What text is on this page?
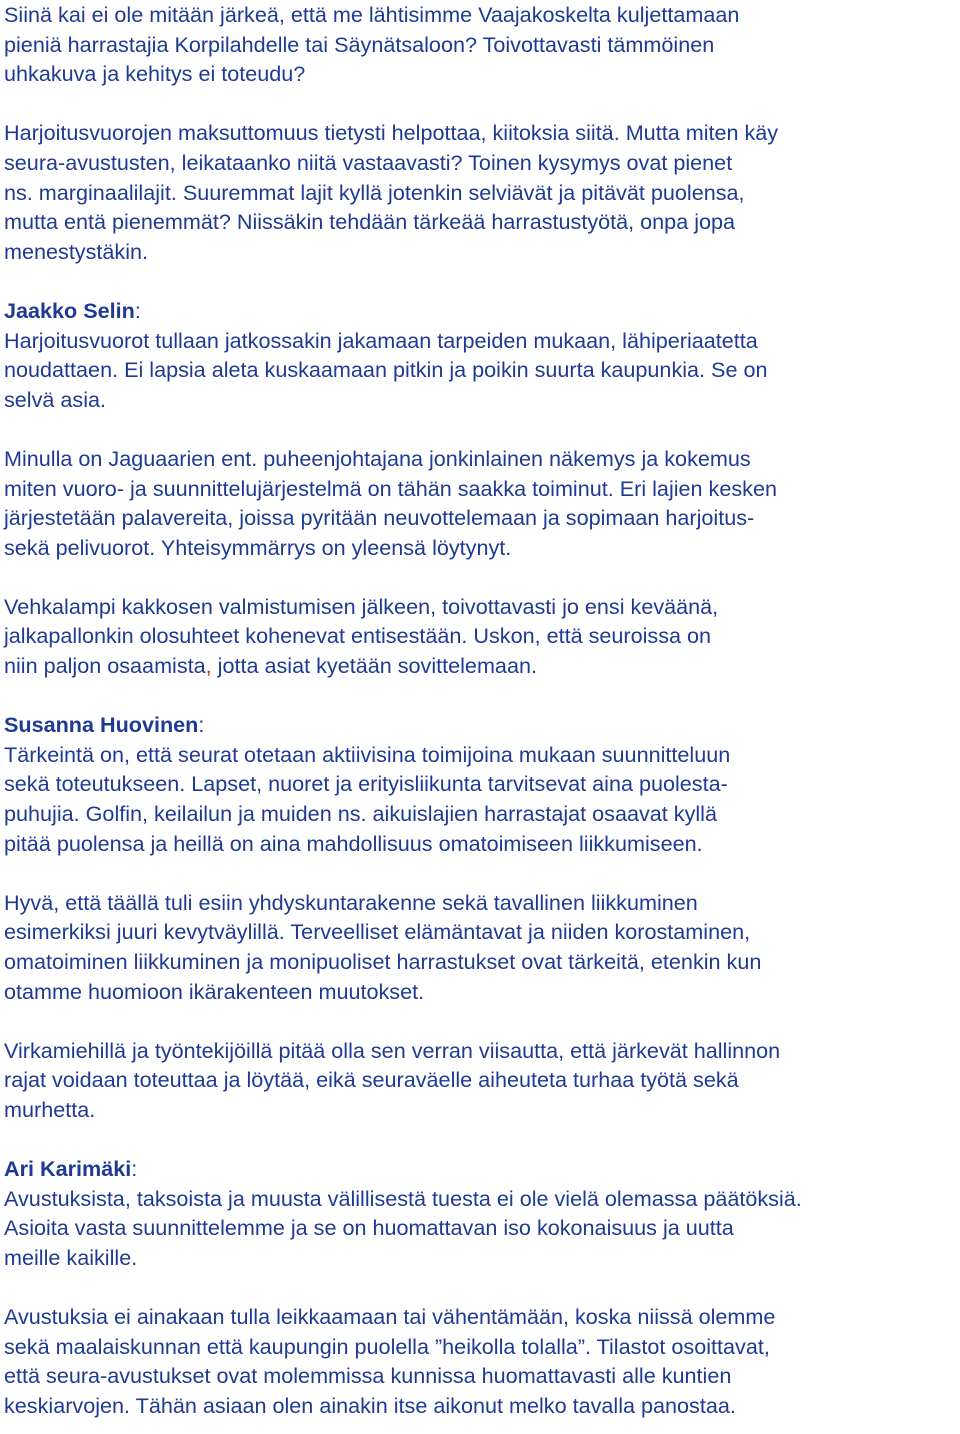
Siinä kai ei ole mitään järkeä, että me lähtisimme Vaajakoskelta kuljettamaan
pieniä harrastajia Korpilahdelle tai Säynätsaloon? Toivottavasti tämmöinen
uhkakuva ja kehitys ei toteudu?

Harjoitusvuorojen maksuttomuus tietysti helpottaa, kiitoksia siitä. Mutta miten käy
seura-avustusten, leikataanko niitä vastaavasti? Toinen kysymys ovat pienet
ns. marginaalilajit. Suuremmat lajit kyllä jotenkin selviävät ja pitävät puolensa,
mutta entä pienemmät? Niissäkin tehdään tärkeää harrastustyötä, onpa jopa
menestystäkin.

Jaakko Selin:

Harjoitusvuorot tullaan jatkossakin jakamaan tarpeiden mukaan, lähiperiaatetta
noudattaen. Ei lapsia aleta kuskaamaan pitkin ja poikin suurta kaupunkia. Se on
selvä asia.

Minulla on Jaguaarien ent. puheenjohtajana jonkinlainen näkemys ja kokemus
miten vuoro- ja suunnittelujärjestelmä on tähän saakka toiminut. Eri lajien kesken
järjestetään palavereita, joissa pyritään neuvottelemaan ja sopimaan harjoitus-
sekä pelivuorot. Yhteisymmärrys on yleensä löytynyt.

Vehkalampi kakkosen valmistumisen jälkeen, toivottavasti jo ensi keväänä,
jalkapallonkin olosuhteet kohenevat entisestään. Uskon, että seuroissa on
niin paljon osaamista, jotta asiat kyetään sovittelemaan.

Susanna Huovinen:

Tärkeintä on, että seurat otetaan aktiivisina toimijoina mukaan suunnitteluun
sekä toteutukseen. Lapset, nuoret ja erityisliikunta tarvitsevat aina puolesta-
puhujia. Golfin, keilailun ja muiden ns. aikuislajien harrastajat osaavat kyllä
pitää puolensa ja heillä on aina mahdollisuus omatoimiseen liikkumiseen.

Hyvä, että täällä tuli esiin yhdyskuntarakenne sekä tavallinen liikkuminen
esimerkiksi juuri kevytväylillä. Terveelliset elämäntavat ja niiden korostaminen,
omatoiminen liikkuminen ja monipuoliset harrastukset ovat tärkeitä, etenkin kun
otamme huomioon ikärakenteen muutokset.

Virkamiehillä ja työntekijöillä pitää olla sen verran viisautta, että järkevät hallinnon
rajat voidaan toteuttaa ja löytää, eikä seuraväelle aiheuteta turhaa työtä sekä
murhetta.

Ari Karimäki:

Avustuksista, taksoista ja muusta välillisestä tuesta ei ole vielä olemassa päätöksiä.
Asioita vasta suunnittelemme ja se on huomattavan iso kokonaisuus ja uutta
meille kaikille.

Avustuksia ei ainakaan tulla leikkaamaan tai vähentämään, koska niissä olemme
sekä maalaiskunnan että kaupungin puolella ”heikolla tolalla”. Tilastot osoittavat,
että seura-avustukset ovat molemmissa kunnissa huomattavasti alle kuntien
keskiarvojen. Tähän asiaan olen ainakin itse aikonut melko tavalla panostaa.
